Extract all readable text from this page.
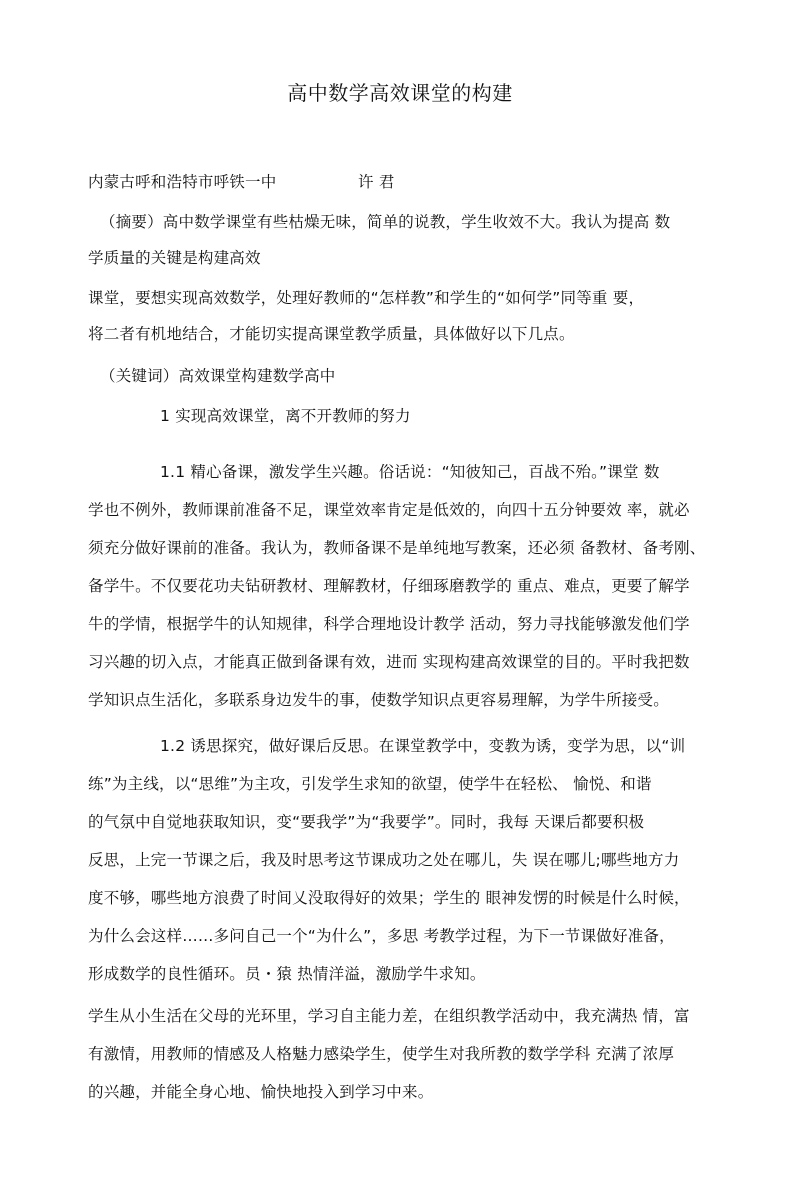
高中数学高效课堂的构建
内蒙古呼和浩特市呼铁一中	许 君
（摘要）高中数学课堂有些枯燥无味，简单的说教，学生收效不大。我认为提高 数
学质量的关键是构建高效
课堂，要想实现高效数学，处理好教师的“怎样教”和学生的“如何学”同等重 要，
将二者有机地结合，才能切实提高课堂教学质量，具体做好以下几点。
（关键词）高效课堂构建数学高中
1 实现高效课堂，离不开教师的努力
1.1 精心备课，激发学生兴趣。俗话说：“知彼知己，百战不殆。”课堂 数
学也不例外，教师课前准备不足，课堂效率肯定是低效的，向四十五分钟要效 率，就必
须充分做好课前的准备。我认为，教师备课不是单纯地写教案，还必须 备教材、备考刚、
备学牛。不仅要花功夫钻研教材、理解教材，仔细琢磨教学的 重点、难点，更要了解学
牛的学情，根据学牛的认知规律，科学合理地设计教学 活动，努力寻找能够激发他们学
习兴趣的切入点，才能真正做到备课有效，进而 实现构建高效课堂的目的。平时我把数
学知识点生活化，多联系身边发牛的事，使数学知识点更容易理解，为学牛所接受。
1.2 诱思探究，做好课后反思。在课堂教学中，变教为诱，变学为思，以“训
练”为主线，以“思维”为主攻，引发学生求知的欲望，使学牛在轻松、 愉悦、和谐
的气氛中自觉地获取知识，变“要我学”为“我要学”。同时，我每 天课后都要积极
反思，上完一节课之后，我及时思考这节课成功之处在哪儿，失 误在哪儿;哪些地方力
度不够，哪些地方浪费了时间乂没取得好的效果；学生的 眼神发愣的时候是什么时候，
为什么会这样……多问自己一个“为什么”，多思 考教学过程，为下一节课做好准备，
形成数学的良性循环。员・猿 热情洋溢，激励学牛求知。
学生从小生活在父母的光环里，学习自主能力差，在组织教学活动中，我充满热 情，富
有激情，用教师的情感及人格魅力感染学生，使学生对我所教的数学学科 充满了浓厚
的兴趣，并能全身心地、愉快地投入到学习中来。
